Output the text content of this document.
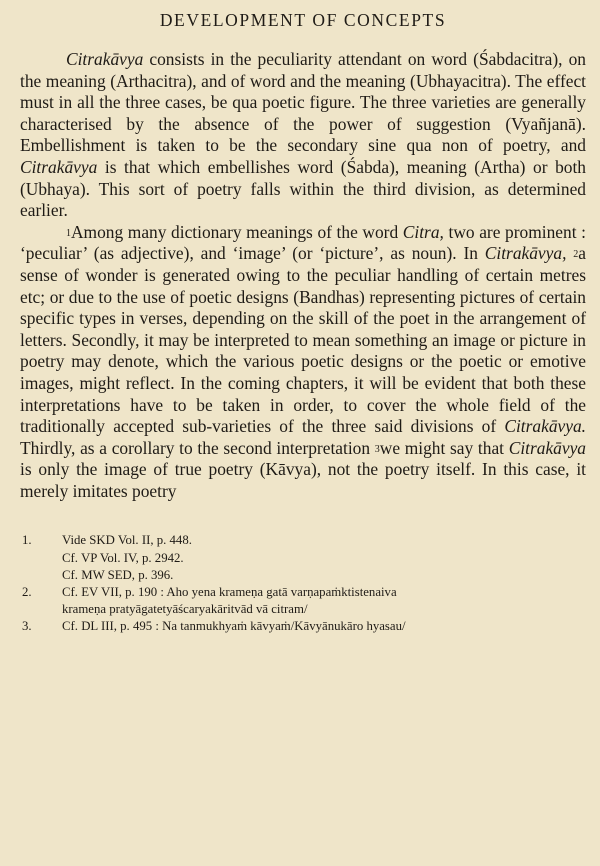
DEVELOPMENT OF CONCEPTS

Citrakāvya consists in the peculiarity attendant on word (Śabdacitra), on the meaning (Arthacitra), and of word and the meaning (Ubhayacitra). The effect must in all the three cases, be qua poetic figure. The three varieties are generally characterised by the absence of the power of suggestion (Vyañjanā). Embellishment is taken to be the secondary sine qua non of poetry, and Citrakāvya is that which embellishes word (Śabda), meaning (Artha) or both (Ubhaya). This sort of poetry falls within the third division, as determined earlier.

$^1$Among many dictionary meanings of the word Citra, two are prominent : ‘peculiar’ (as adjective), and ‘image’ (or ‘picture’, as noun). In Citrakāvya, $^2$a sense of wonder is generated owing to the peculiar handling of certain metres etc; or due to the use of poetic designs (Bandhas) representing pictures of certain specific types in verses, depending on the skill of the poet in the arrangement of letters. Secondly, it may be interpreted to mean something an image or picture in poetry may denote, which the various poetic designs or the poetic or emotive images, might reflect. In the coming chapters, it will be evident that both these interpretations have to be taken in order, to cover the whole field of the traditionally accepted sub-varieties of the three said divisions of Citrakāvya. Thirdly, as a corollary to the second interpretation $^3$we might say that Citrakāvya is only the image of true poetry (Kāvya), not the poetry itself. In this case, it merely imitates poetry

1.	Vide SKD Vol. II, p. 448.
Cf. VP Vol. IV, p. 2942.
Cf. MW SED, p. 396.
2.	Cf. EV VII, p. 190 : Aho yena krameṇa gatā varṇapaṁktistenaiva
krameṇa pratyāgatetyāścaryakāritvād vā citram/
3.	Cf. DL III, p. 495 : Na tanmukhyaṁ kāvyaṁ/Kāvyānukāro hyasau/
